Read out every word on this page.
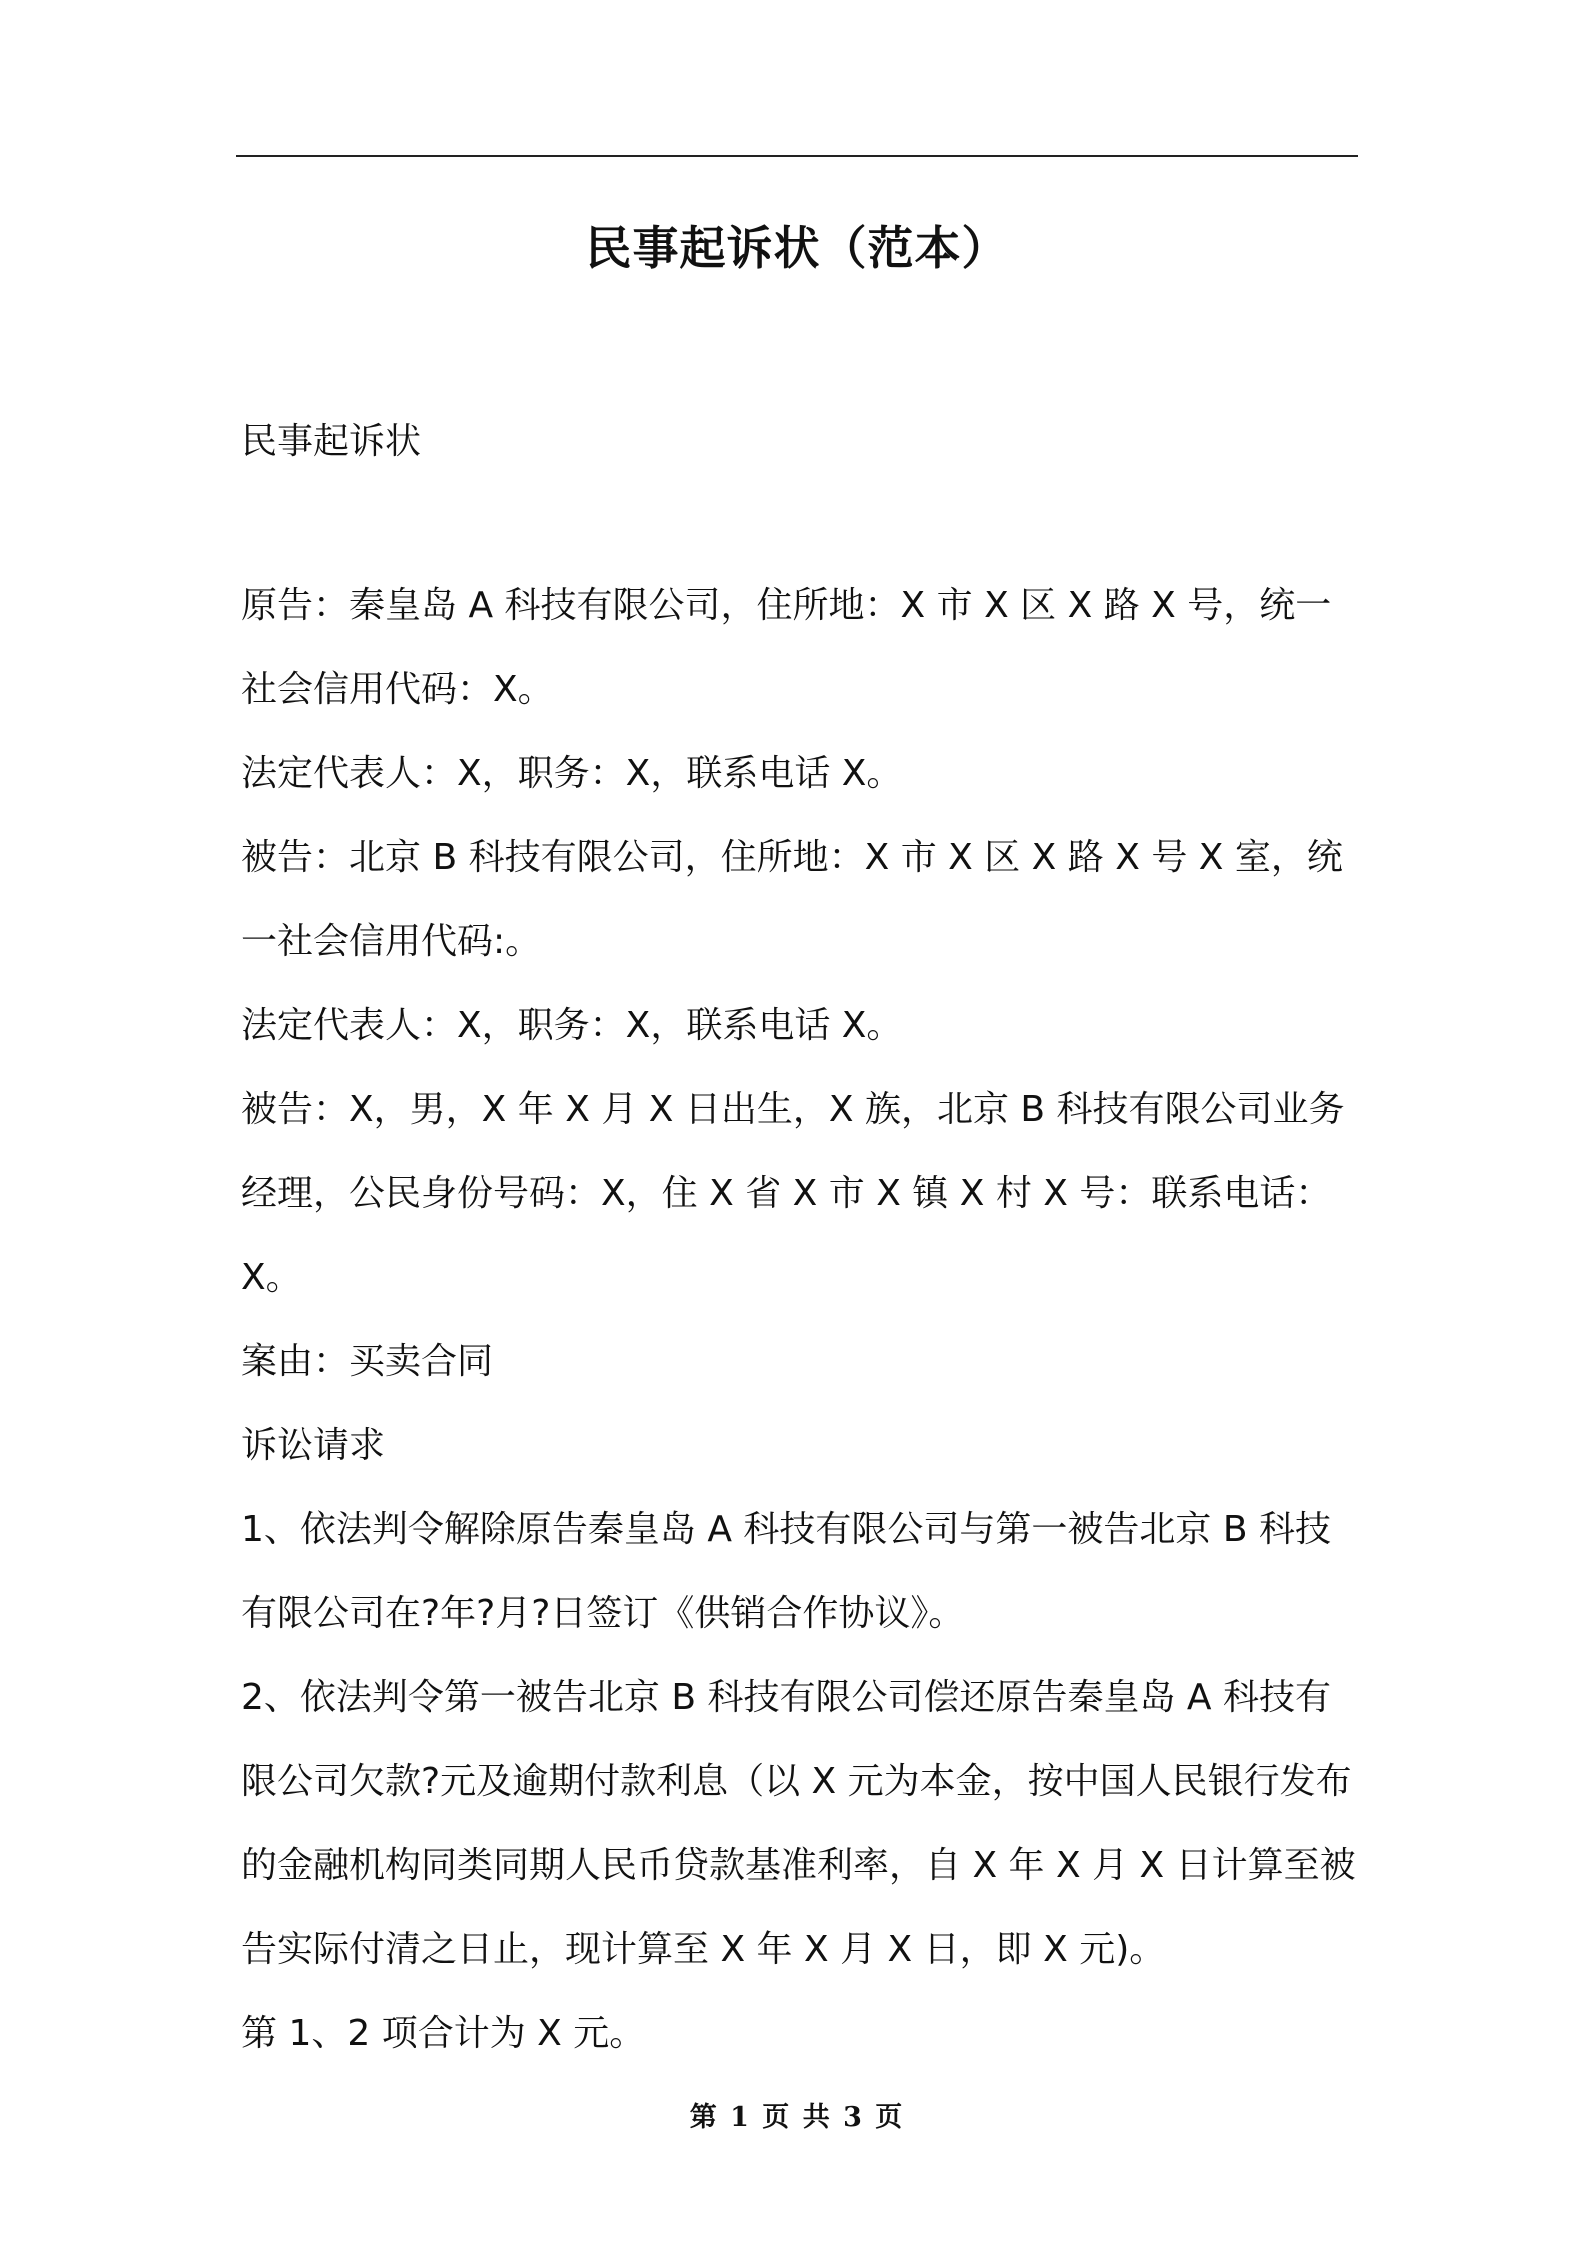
民事起诉状（范本）
民事起诉状

原告：秦皇岛 A 科技有限公司，住所地：X 市 X 区 X 路 X 号，统一社会信用代码：X。

法定代表人：X，职务：X，联系电话 X。

被告：北京 B 科技有限公司，住所地：X 市 X 区 X 路 X 号 X 室，统一社会信用代码:。

法定代表人：X，职务：X，联系电话 X。

被告：X，男，X 年 X 月 X 日出生，X 族，北京 B 科技有限公司业务经理，公民身份号码：X，住 X 省 X 市 X 镇 X 村 X 号：联系电话：X。

案由：买卖合同

诉讼请求

1、依法判令解除原告秦皇岛 A 科技有限公司与第一被告北京 B 科技有限公司在?年?月?日签订《供销合作协议》。

2、依法判令第一被告北京 B 科技有限公司偿还原告秦皇岛 A 科技有限公司欠款?元及逾期付款利息（以 X 元为本金，按中国人民银行发布的金融机构同类同期人民币贷款基准利率，自 X 年 X 月 X 日计算至被告实际付清之日止，现计算至 X 年 X 月 X 日，即 X 元)。

第 1、2 项合计为 X 元。

第 1 页 共 3 页
